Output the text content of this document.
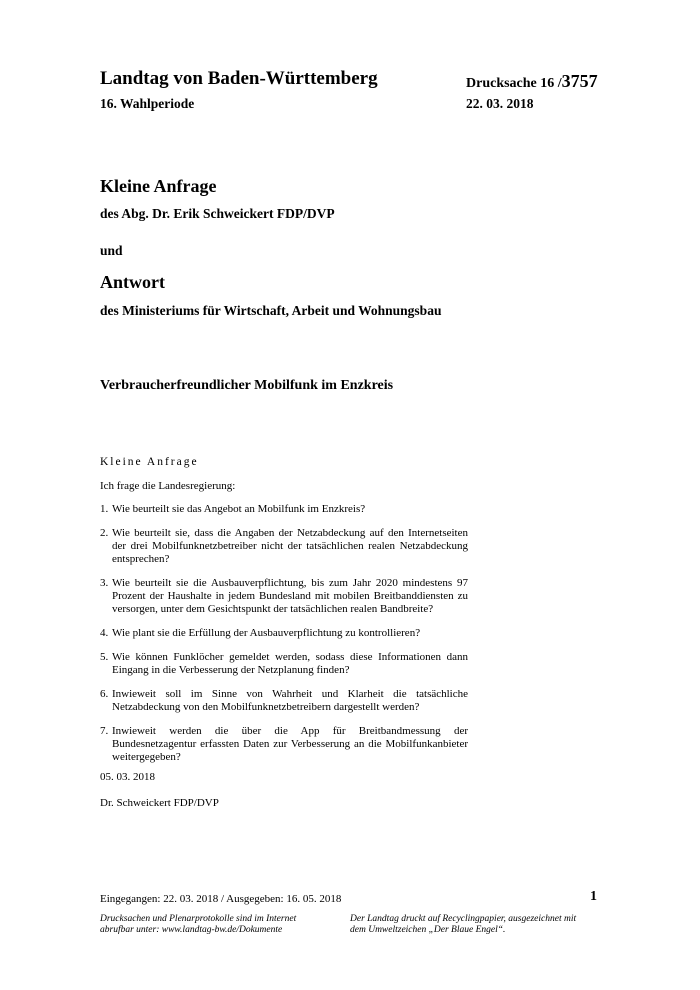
Landtag von Baden-Württemberg
16. Wahlperiode
Drucksache 16 /3757
22. 03. 2018
Kleine Anfrage
des Abg. Dr. Erik Schweickert FDP/DVP
und
Antwort
des Ministeriums für Wirtschaft, Arbeit und Wohnungsbau
Verbraucherfreundlicher Mobilfunk im Enzkreis
Kleine Anfrage
Ich frage die Landesregierung:
1. Wie beurteilt sie das Angebot an Mobilfunk im Enzkreis?
2. Wie beurteilt sie, dass die Angaben der Netzabdeckung auf den Internetseiten der drei Mobilfunknetzbetreiber nicht der tatsächlichen realen Netzabdeckung entsprechen?
3. Wie beurteilt sie die Ausbauverpflichtung, bis zum Jahr 2020 mindestens 97 Prozent der Haushalte in jedem Bundesland mit mobilen Breitbanddiensten zu versorgen, unter dem Gesichtspunkt der tatsächlichen realen Bandbreite?
4. Wie plant sie die Erfüllung der Ausbauverpflichtung zu kontrollieren?
5. Wie können Funklöcher gemeldet werden, sodass diese Informationen dann Eingang in die Verbesserung der Netzplanung finden?
6. Inwieweit soll im Sinne von Wahrheit und Klarheit die tatsächliche Netzabdeckung von den Mobilfunknetzbetreibern dargestellt werden?
7. Inwieweit werden die über die App für Breitbandmessung der Bundesnetzagentur erfassten Daten zur Verbesserung an die Mobilfunkanbieter weitergegeben?
05. 03. 2018
Dr. Schweickert FDP/DVP
Eingegangen: 22. 03. 2018 / Ausgegeben: 16. 05. 2018	1
Drucksachen und Plenarprotokolle sind im Internet abrufbar unter: www.landtag-bw.de/Dokumente
Der Landtag druckt auf Recyclingpapier, ausgezeichnet mit dem Umweltzeichen „Der Blaue Engel“.
